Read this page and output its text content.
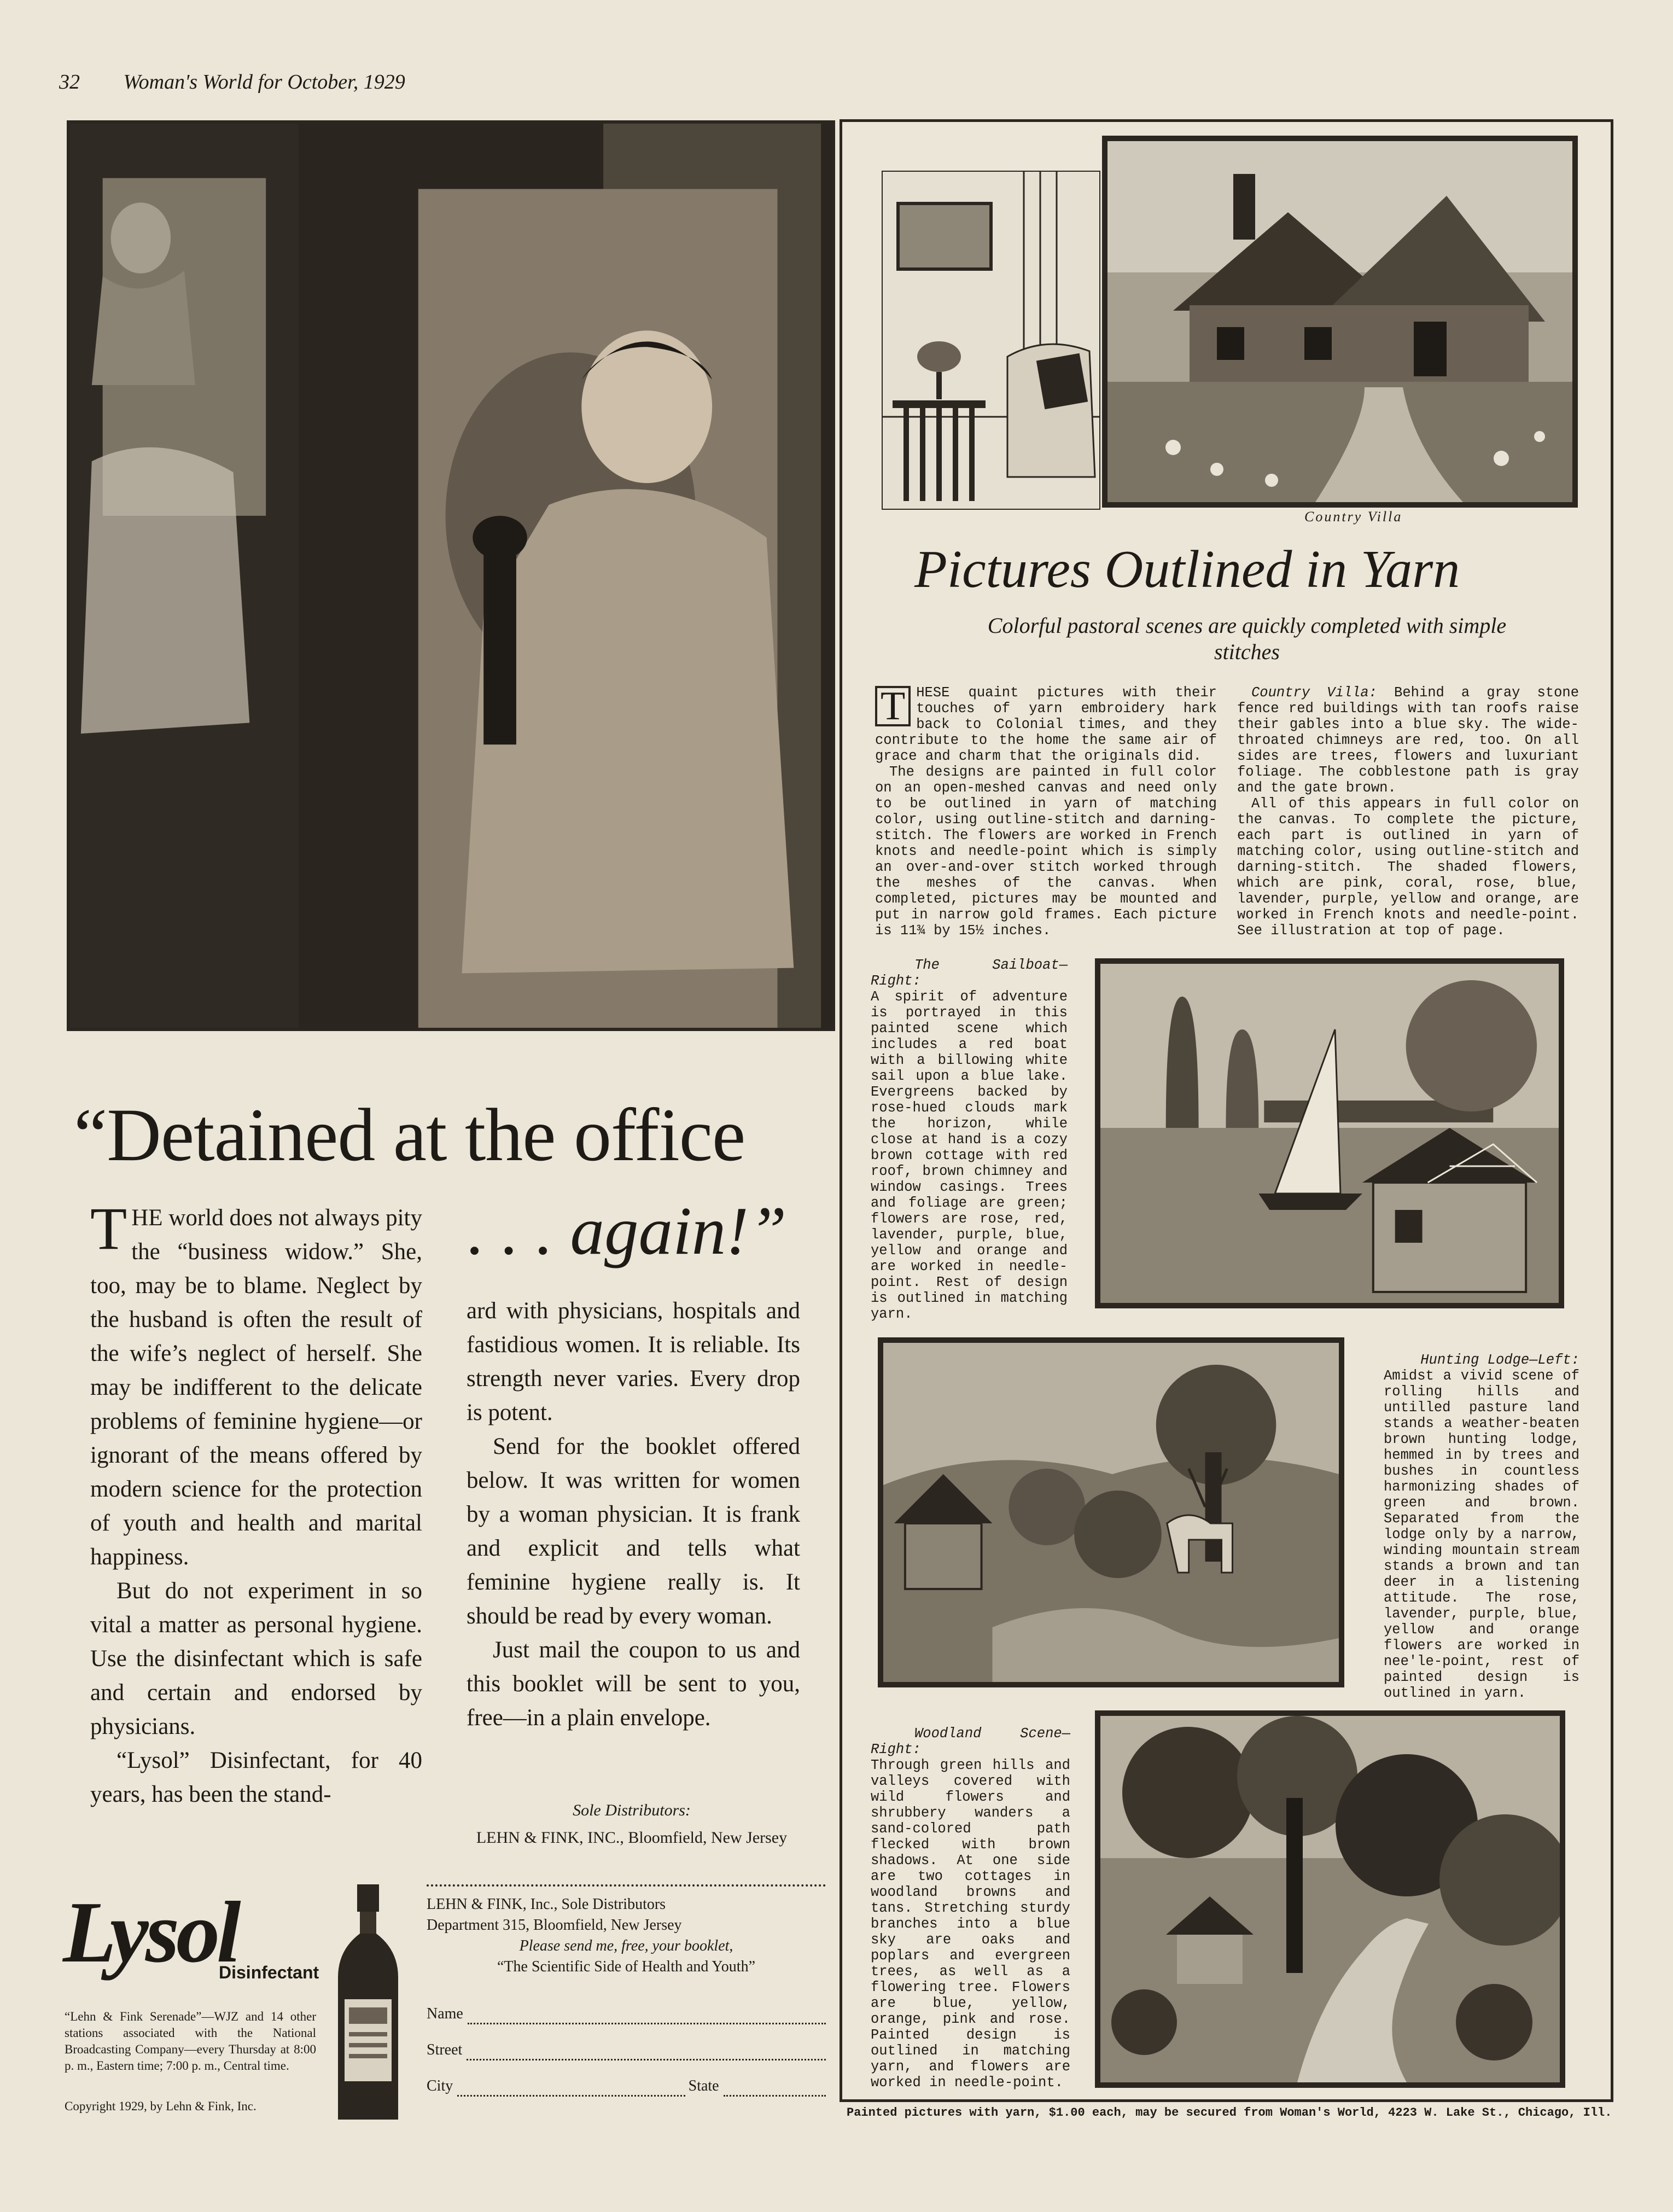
32 Woman's World for October, 1929
“Detained at the office
. . . again!”
T HE world does not always pity the “business widow.” She, too, may be to blame. Neglect by the husband is often the result of the wife’s neglect of herself. She may be indifferent to the delicate problems of feminine hygiene—or ignorant of the means offered by modern science for the protection of youth and health and marital happiness.

But do not experiment in so vital a matter as personal hygiene. Use the disinfectant which is safe and certain and endorsed by physicians.

“Lysol” Disinfectant, for 40 years, has been the stand-

ard with physicians, hospitals and fastidious women. It is reliable. Its strength never varies. Every drop is potent.

Send for the booklet offered below. It was written for women by a woman physician. It is frank and explicit and tells what feminine hygiene really is. It should be read by every woman.

Just mail the coupon to us and this booklet will be sent to you, free—in a plain envelope.

Sole Distributors:
LEHN & FINK, INC., Bloomfield, New Jersey
Lysol
Disinfectant
“Lehn & Fink Serenade”—WJZ and 14 other stations associated with the National Broadcasting Company—every Thursday at 8:00 p. m., Eastern time; 7:00 p. m., Central time.
Copyright 1929, by Lehn & Fink, Inc.
LEHN & FINK, Inc., Sole Distributors
Department 315, Bloomfield, New Jersey
Please send me, free, your booklet,
“The Scientific Side of Health and Youth”
Name
Street
City	State
Country Villa
Pictures Outlined in Yarn
Colorful pastoral scenes are quickly completed with simple stitches
T HESE quaint pictures with their touches of yarn embroidery hark back to Colonial times, and they contribute to the home the same air of grace and charm that the originals did.

The designs are painted in full color on an open-meshed canvas and need only to be outlined in yarn of matching color, using outline-stitch and darning-stitch. The flowers are worked in French knots and needle-point which is simply an over-and-over stitch worked through the meshes of the canvas. When completed, pictures may be mounted and put in narrow gold frames. Each picture is 11¾ by 15½ inches.

Country Villa: Behind a gray stone fence red buildings with tan roofs raise their gables into a blue sky. The wide-throated chimneys are red, too. On all sides are trees, flowers and luxuriant foliage. The cobblestone path is gray and the gate brown.

All of this appears in full color on the canvas. To complete the picture, each part is outlined in yarn of matching color, using outline-stitch and darning-stitch. The shaded flowers, which are pink, coral, rose, blue, lavender, purple, yellow and orange, are worked in French knots and needle-point. See illustration at top of page.

The Sailboat—Right:

A spirit of adventure is portrayed in this painted scene which includes a red boat with a billowing white sail upon a blue lake. Evergreens backed by rose-hued clouds mark the horizon, while close at hand is a cozy brown cottage with red roof, brown chimney and window casings. Trees and foliage are green; flowers are rose, red, lavender, purple, blue, yellow and orange and are worked in needle-point. Rest of design is outlined in matching yarn.

Hunting Lodge—Left:

Amidst a vivid scene of rolling hills and untilled pasture land stands a weather-beaten brown hunting lodge, hemmed in by trees and bushes in countless harmonizing shades of green and brown. Separated from the lodge only by a narrow, winding mountain stream stands a brown and tan deer in a listening attitude. The rose, lavender, purple, blue, yellow and orange flowers are worked in nee'le-point, rest of painted design is outlined in yarn.

Woodland Scene—Right:

Through green hills and valleys covered with wild flowers and shrubbery wanders a sand-colored path flecked with brown shadows. At one side are two cottages in woodland browns and tans. Stretching sturdy branches into a blue sky are oaks and poplars and evergreen trees, as well as a flowering tree. Flowers are blue, yellow, orange, pink and rose. Painted design is outlined in matching yarn, and flowers are worked in needle-point.

Painted pictures with yarn, $1.00 each, may be secured from Woman's World, 4223 W. Lake St., Chicago, Ill.
